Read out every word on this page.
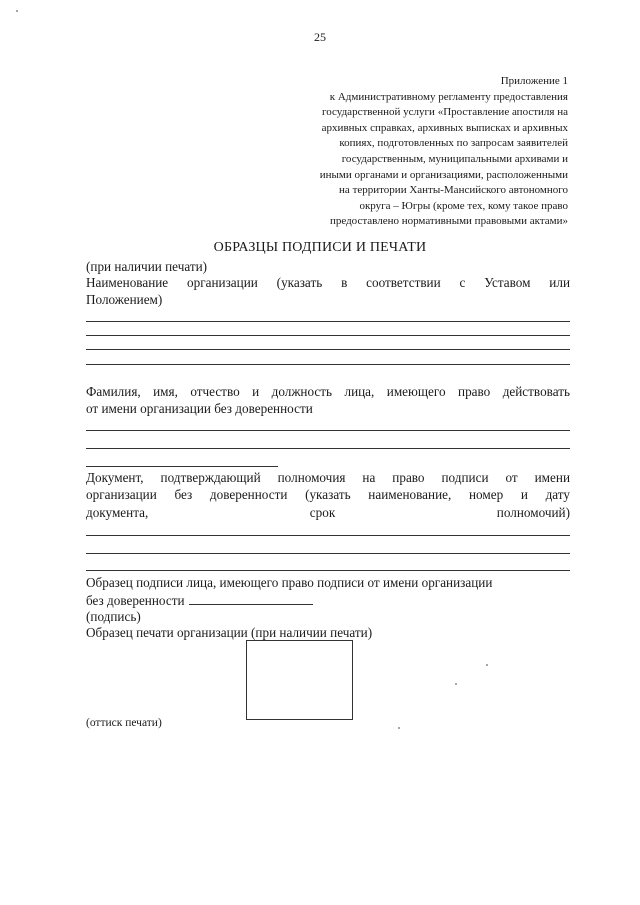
25
Приложение 1
к Административному регламенту предоставления
государственной услуги «Проставление апостиля на
архивных справках, архивных выписках и архивных
копиях, подготовленных по запросам заявителей
государственным, муниципальными архивами и
иными органами и организациями, расположенными
на территории Ханты-Мансийского автономного
округа – Югры (кроме тех, кому такое право
предоставлено нормативными правовыми актами»
ОБРАЗЦЫ ПОДПИСИ И ПЕЧАТИ
(при наличии печати)
Наименование организации (указать в соответствии с Уставом или
Положением)
Фамилия, имя, отчество и должность лица, имеющего право действовать
от имени организации без доверенности
Документ, подтверждающий полномочия на право подписи от имени
организации без доверенности (указать наименование, номер и дату
документа, срок полномочий)
Образец подписи лица, имеющего право подписи от имени организации
без доверенности
(подпись)
Образец печати организации (при наличии печати)
(оттиск печати)
